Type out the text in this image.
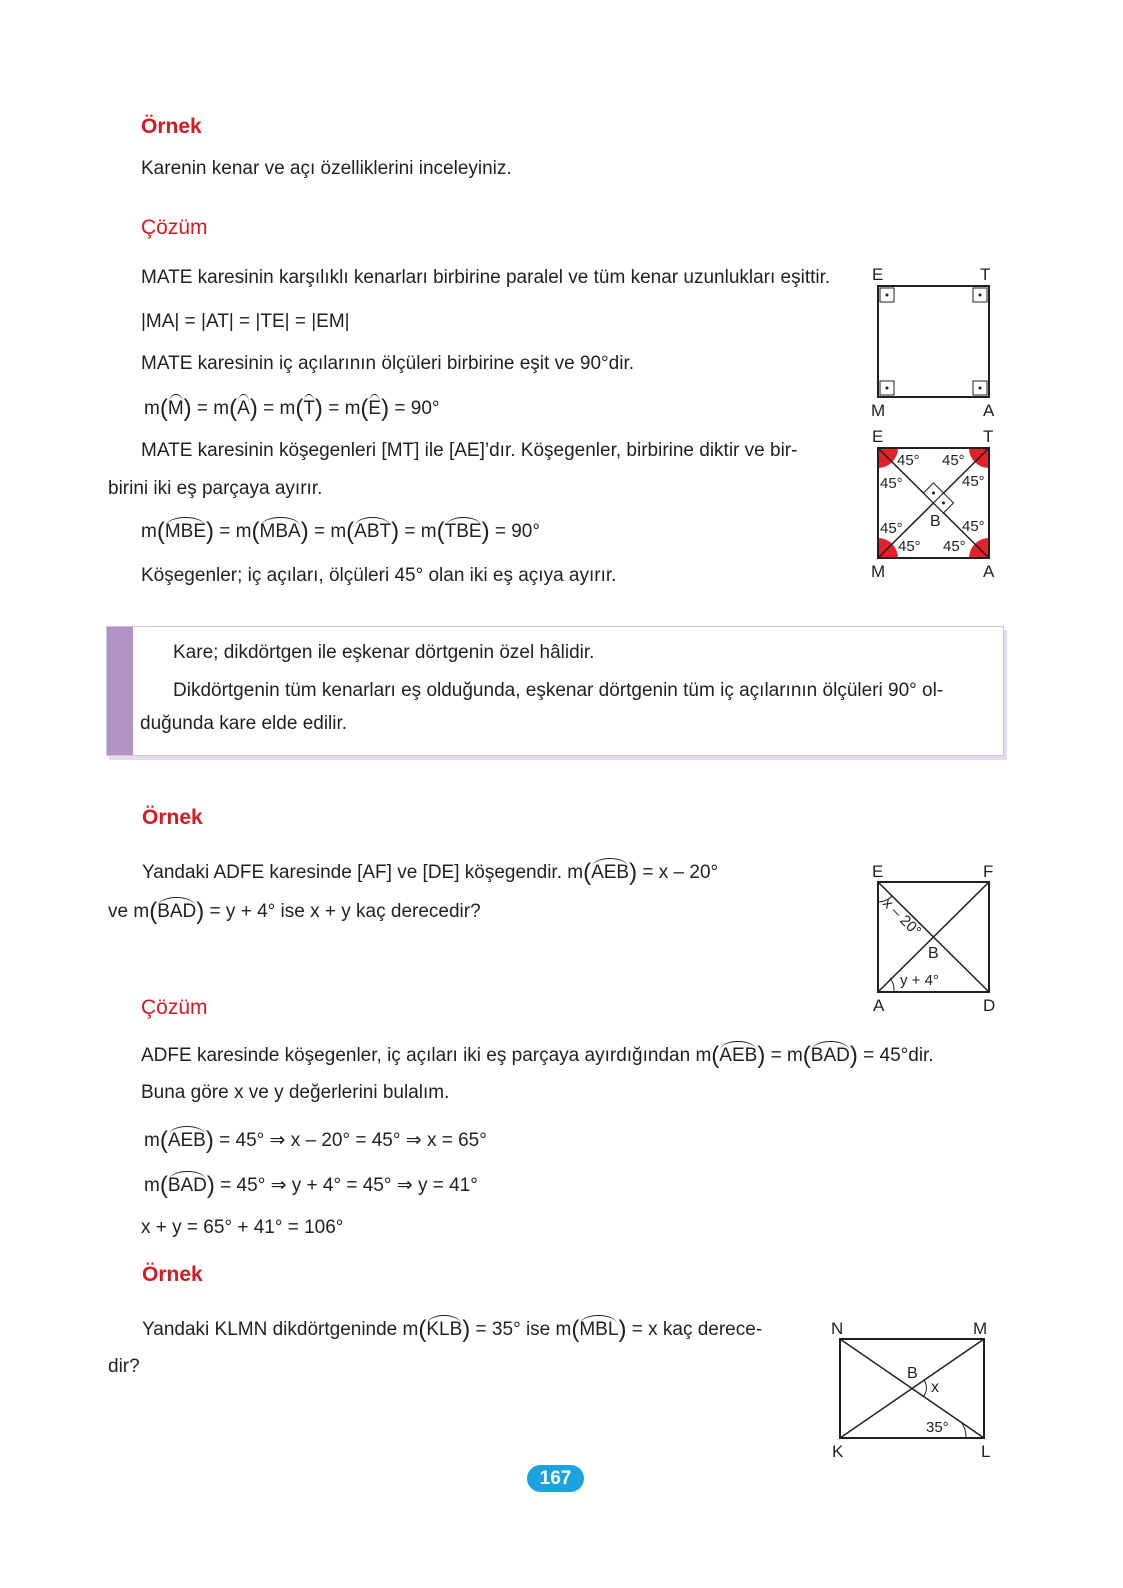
Örnek
Karenin kenar ve açı özelliklerini inceleyiniz.
Çözüm
MATE karesinin karşılıklı kenarları birbirine paralel ve tüm kenar uzunlukları eşittir.
|MA| = |AT| = |TE| = |EM|
MATE karesinin iç açılarının ölçüleri birbirine eşit ve 90°dir.
m(M) = m(A) = m(T) = m(E) = 90°
MATE karesinin köşegenleri [MT] ile [AE]’dır. Köşegenler, birbirine diktir ve bir-
birini iki eş parçaya ayırır.
m(MBE) = m(MBA) = m(ABT) = m(TBE) = 90°
Köşegenler; iç açıları, ölçüleri 45° olan iki eş açıya ayırır.
E	T
M	A
E	T
M	A
B
45° 45°
45°	45°
45°	45°
45° 45°
Kare; dikdörtgen ile eşkenar dörtgenin özel hâlidir.
Dikdörtgenin tüm kenarları eş olduğunda, eşkenar dörtgenin tüm iç açılarının ölçüleri 90° ol-
duğunda kare elde edilir.
Örnek
Yandaki ADFE karesinde [AF] ve [DE] köşegendir. m(AEB) = x – 20°
ve m(BAD) = y + 4° ise x + y kaç derecedir?
Çözüm
ADFE karesinde köşegenler, iç açıları iki eş parçaya ayırdığından m(AEB) = m(BAD) = 45°dir.
Buna göre x ve y değerlerini bulalım.
m(AEB) = 45° ⇒ x – 20° = 45° ⇒ x = 65°
m(BAD) = 45° ⇒ y + 4° = 45° ⇒ y = 41°
x + y = 65° + 41° = 106°
E	F
A	D
B
x – 20°
y + 4°
Örnek
Yandaki KLMN dikdörtgeninde m(KLB) = 35° ise m(MBL) = x kaç derece-
dir?
N	M
K	L
B
x
35°
167
